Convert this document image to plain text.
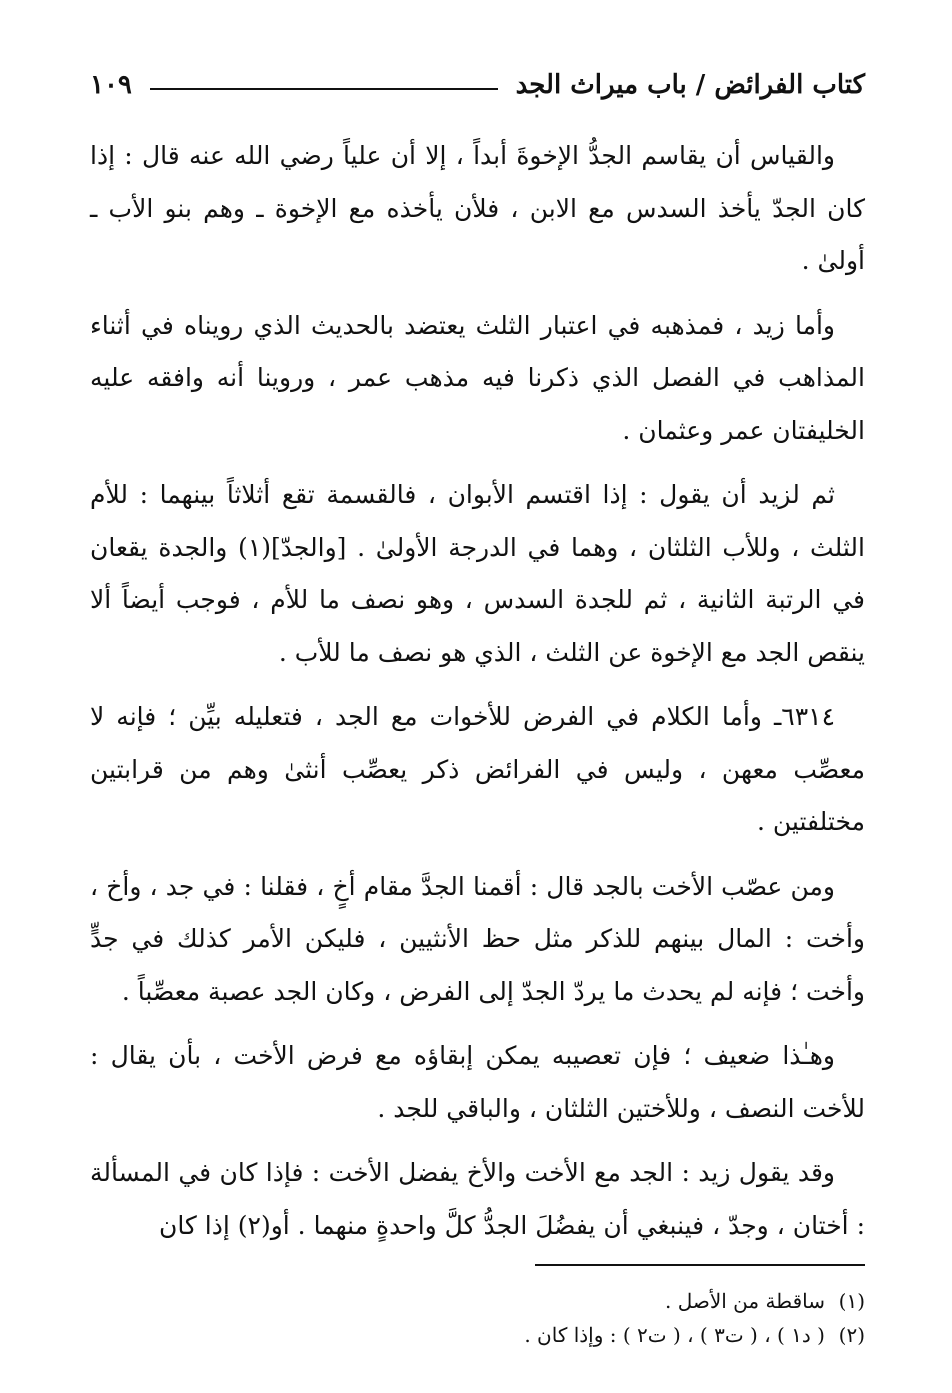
كتاب الفرائض / باب ميراث الجد
١٠٩

والقياس أن يقاسم الجدُّ الإخوةَ أبداً ، إلا أن علياً رضي الله عنه قال : إذا كان الجدّ يأخذ السدس مع الابن ، فلأن يأخذه مع الإخوة ـ وهم بنو الأب ـ أولىٰ .

وأما زيد ، فمذهبه في اعتبار الثلث يعتضد بالحديث الذي رويناه في أثناء المذاهب في الفصل الذي ذكرنا فيه مذهب عمر ، وروينا أنه وافقه عليه الخليفتان عمر وعثمان .

ثم لزيد أن يقول : إذا اقتسم الأبوان ، فالقسمة تقع أثلاثاً بينهما : للأم الثلث ، وللأب الثلثان ، وهما في الدرجة الأولىٰ . [والجدّ](١) والجدة يقعان في الرتبة الثانية ، ثم للجدة السدس ، وهو نصف ما للأم ، فوجب أيضاً ألا ينقص الجد مع الإخوة عن الثلث ، الذي هو نصف ما للأب .

٦٣١٤ـ وأما الكلام في الفرض للأخوات مع الجد ، فتعليله بيِّن ؛ فإنه لا معصِّب معهن ، وليس في الفرائض ذكر يعصِّب أنثىٰ وهم من قرابتين مختلفتين .

ومن عصّب الأخت بالجد قال : أقمنا الجدَّ مقام أخٍ ، فقلنا : في جد ، وأخ ، وأخت : المال بينهم للذكر مثل حظ الأنثيين ، فليكن الأمر كذلك في جدٍّ وأخت ؛ فإنه لم يحدث ما يردّ الجدّ إلى الفرض ، وكان الجد عصبة معصِّباً .

وهـٰذا ضعيف ؛ فإن تعصيبه يمكن إبقاؤه مع فرض الأخت ، بأن يقال : للأخت النصف ، وللأختين الثلثان ، والباقي للجد .

وقد يقول زيد : الجد مع الأخت والأخ يفضل الأخت : فإذا كان في المسألة : أختان ، وجدّ ، فينبغي أن يفضُلَ الجدُّ كلَّ واحدةٍ منهما . أو(٢) إذا كان

(١)
ساقطة من الأصل .
(٢)
( د١ ) ، ( ت٣ ) ، ( ت٢ ) : وإذا كان .
